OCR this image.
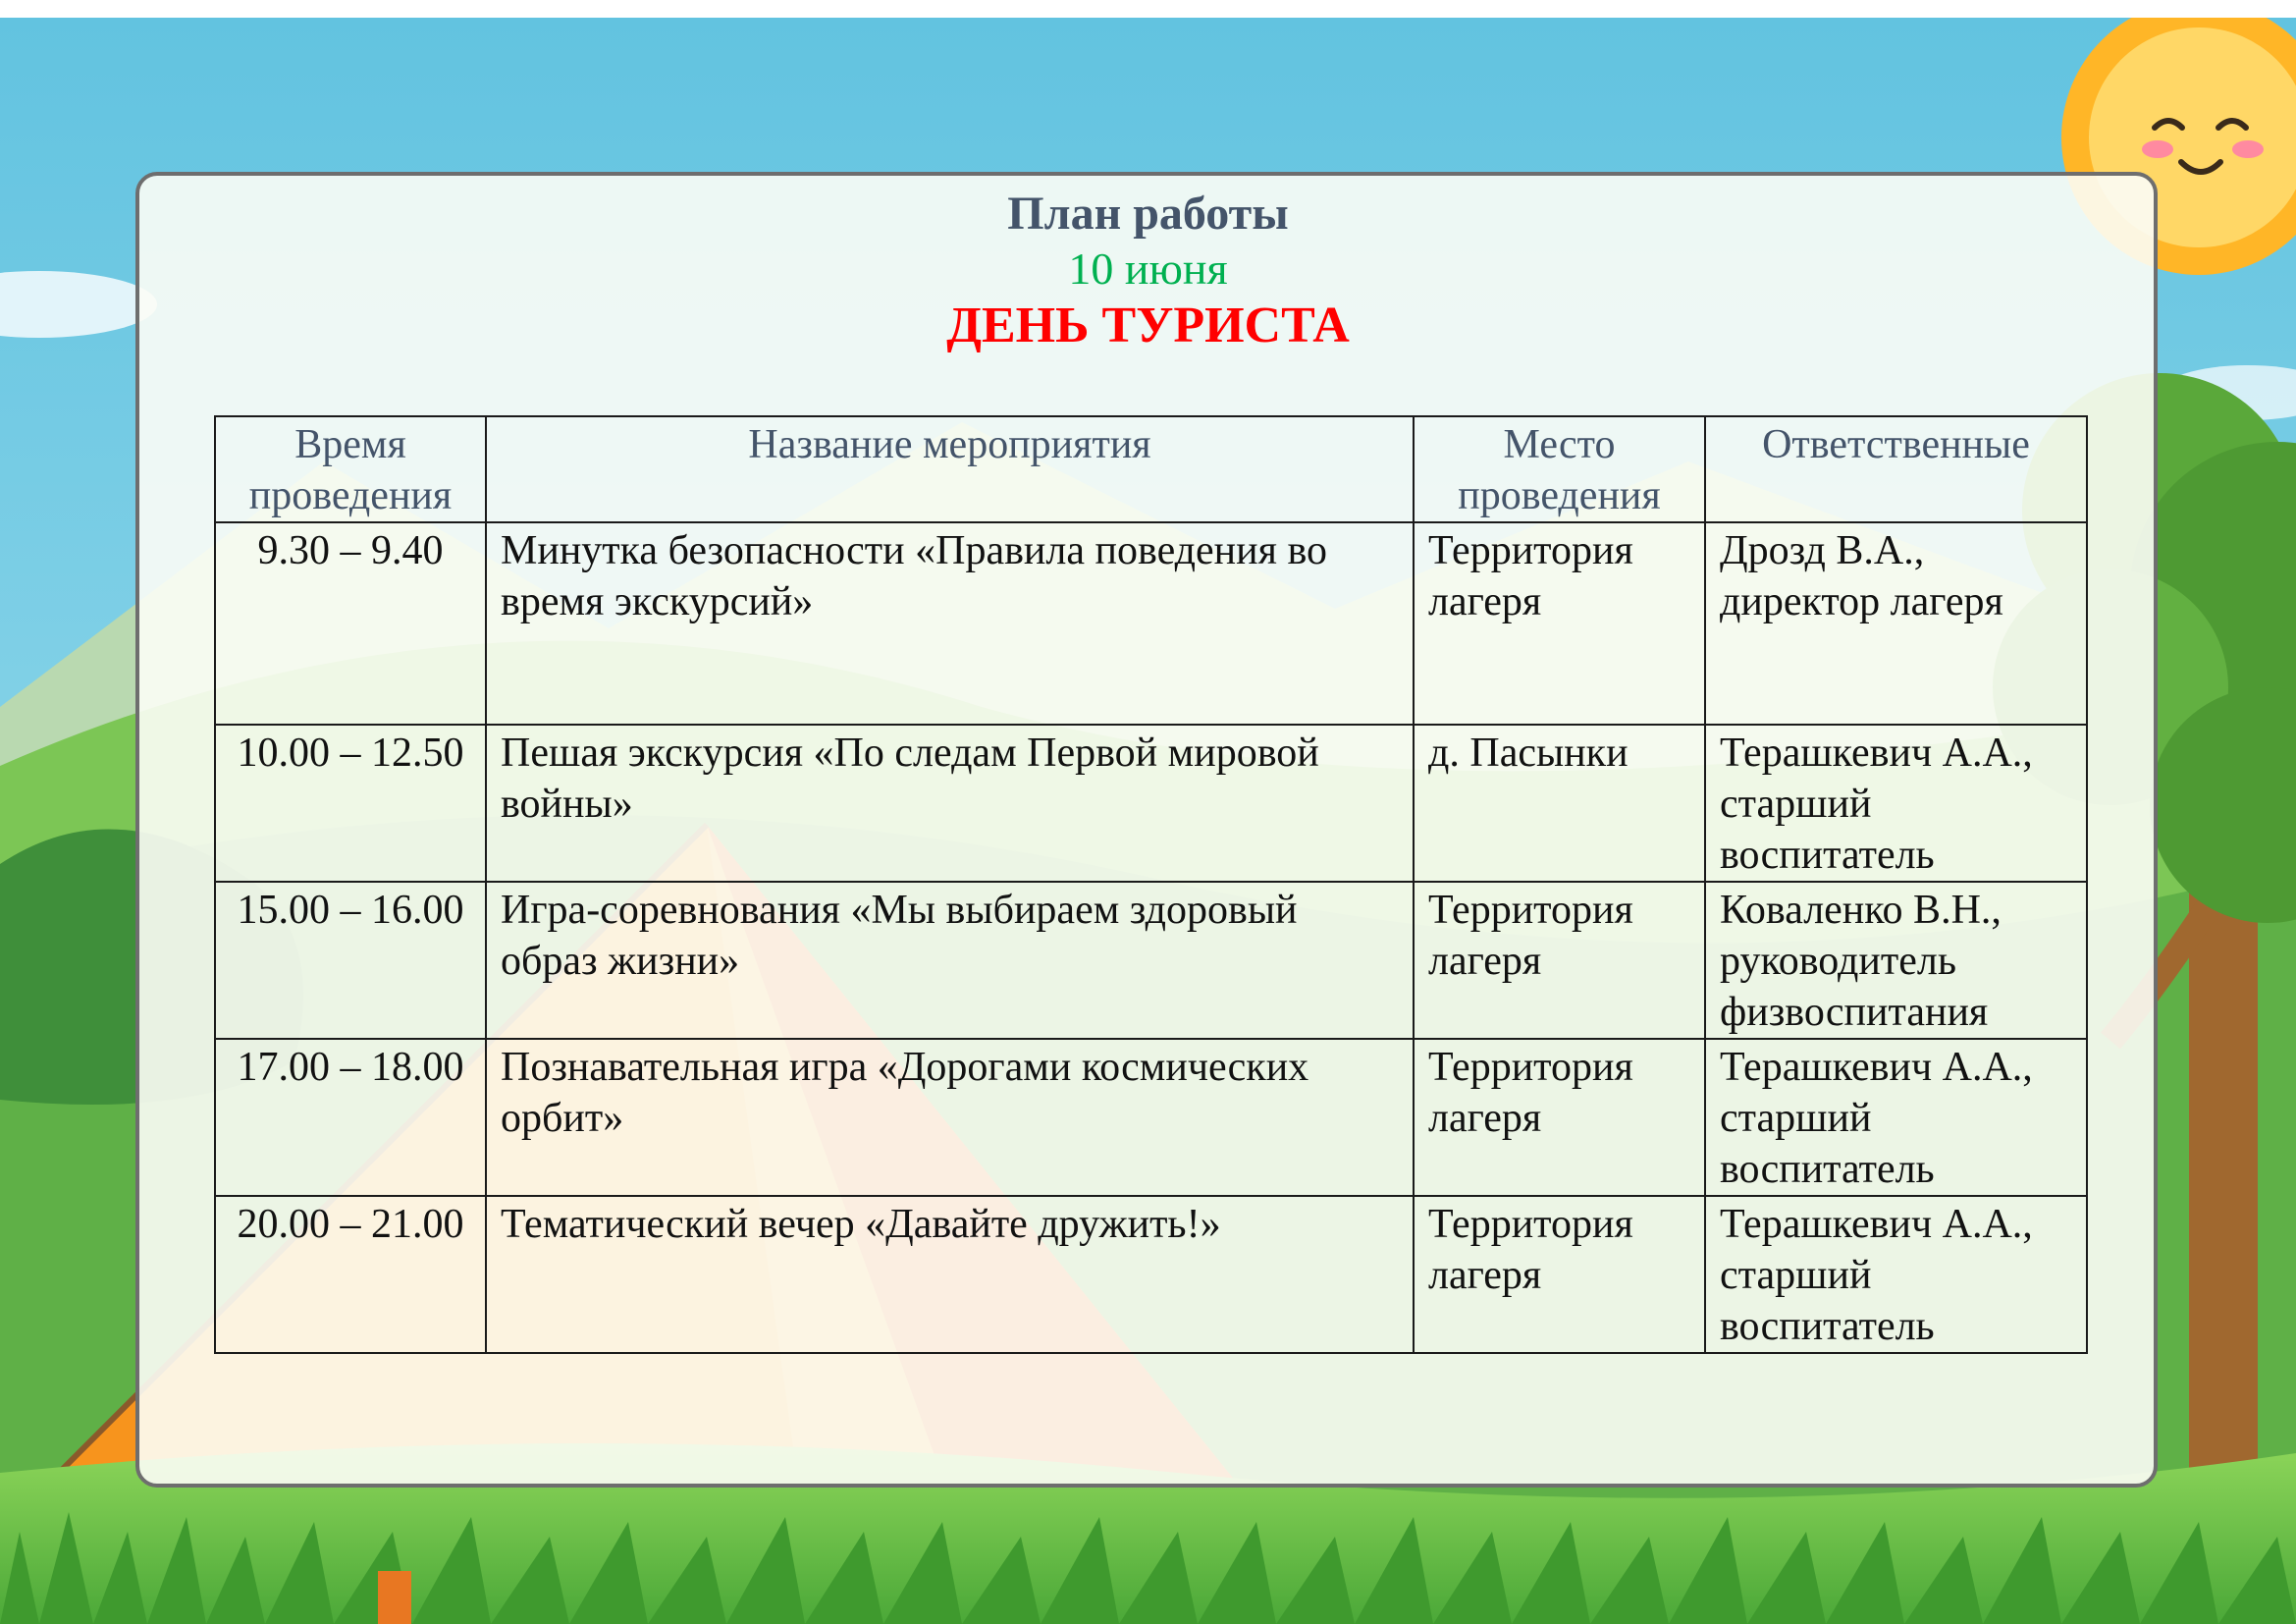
План работы

10 июня

ДЕНЬ ТУРИСТА

Время проведения	Название мероприятия	Место проведения	Ответственные
9.30 – 9.40	Минутка безопасности «Правила поведения во время экскурсий»	Территория лагеря	Дрозд В.А., директор лагеря
10.00 – 12.50	Пешая экскурсия «По следам Первой мировой войны»	д. Пасынки	Терашкевич А.А., старший воспитатель
15.00 – 16.00	Игра-соревнования «Мы выбираем здоровый образ жизни»	Территория лагеря	Коваленко В.Н., руководитель физвоспитания
17.00 – 18.00	Познавательная игра «Дорогами космических орбит»	Территория лагеря	Терашкевич А.А., старший воспитатель
20.00 – 21.00	Тематический вечер «Давайте дружить!»	Территория лагеря	Терашкевич А.А., старший воспитатель
